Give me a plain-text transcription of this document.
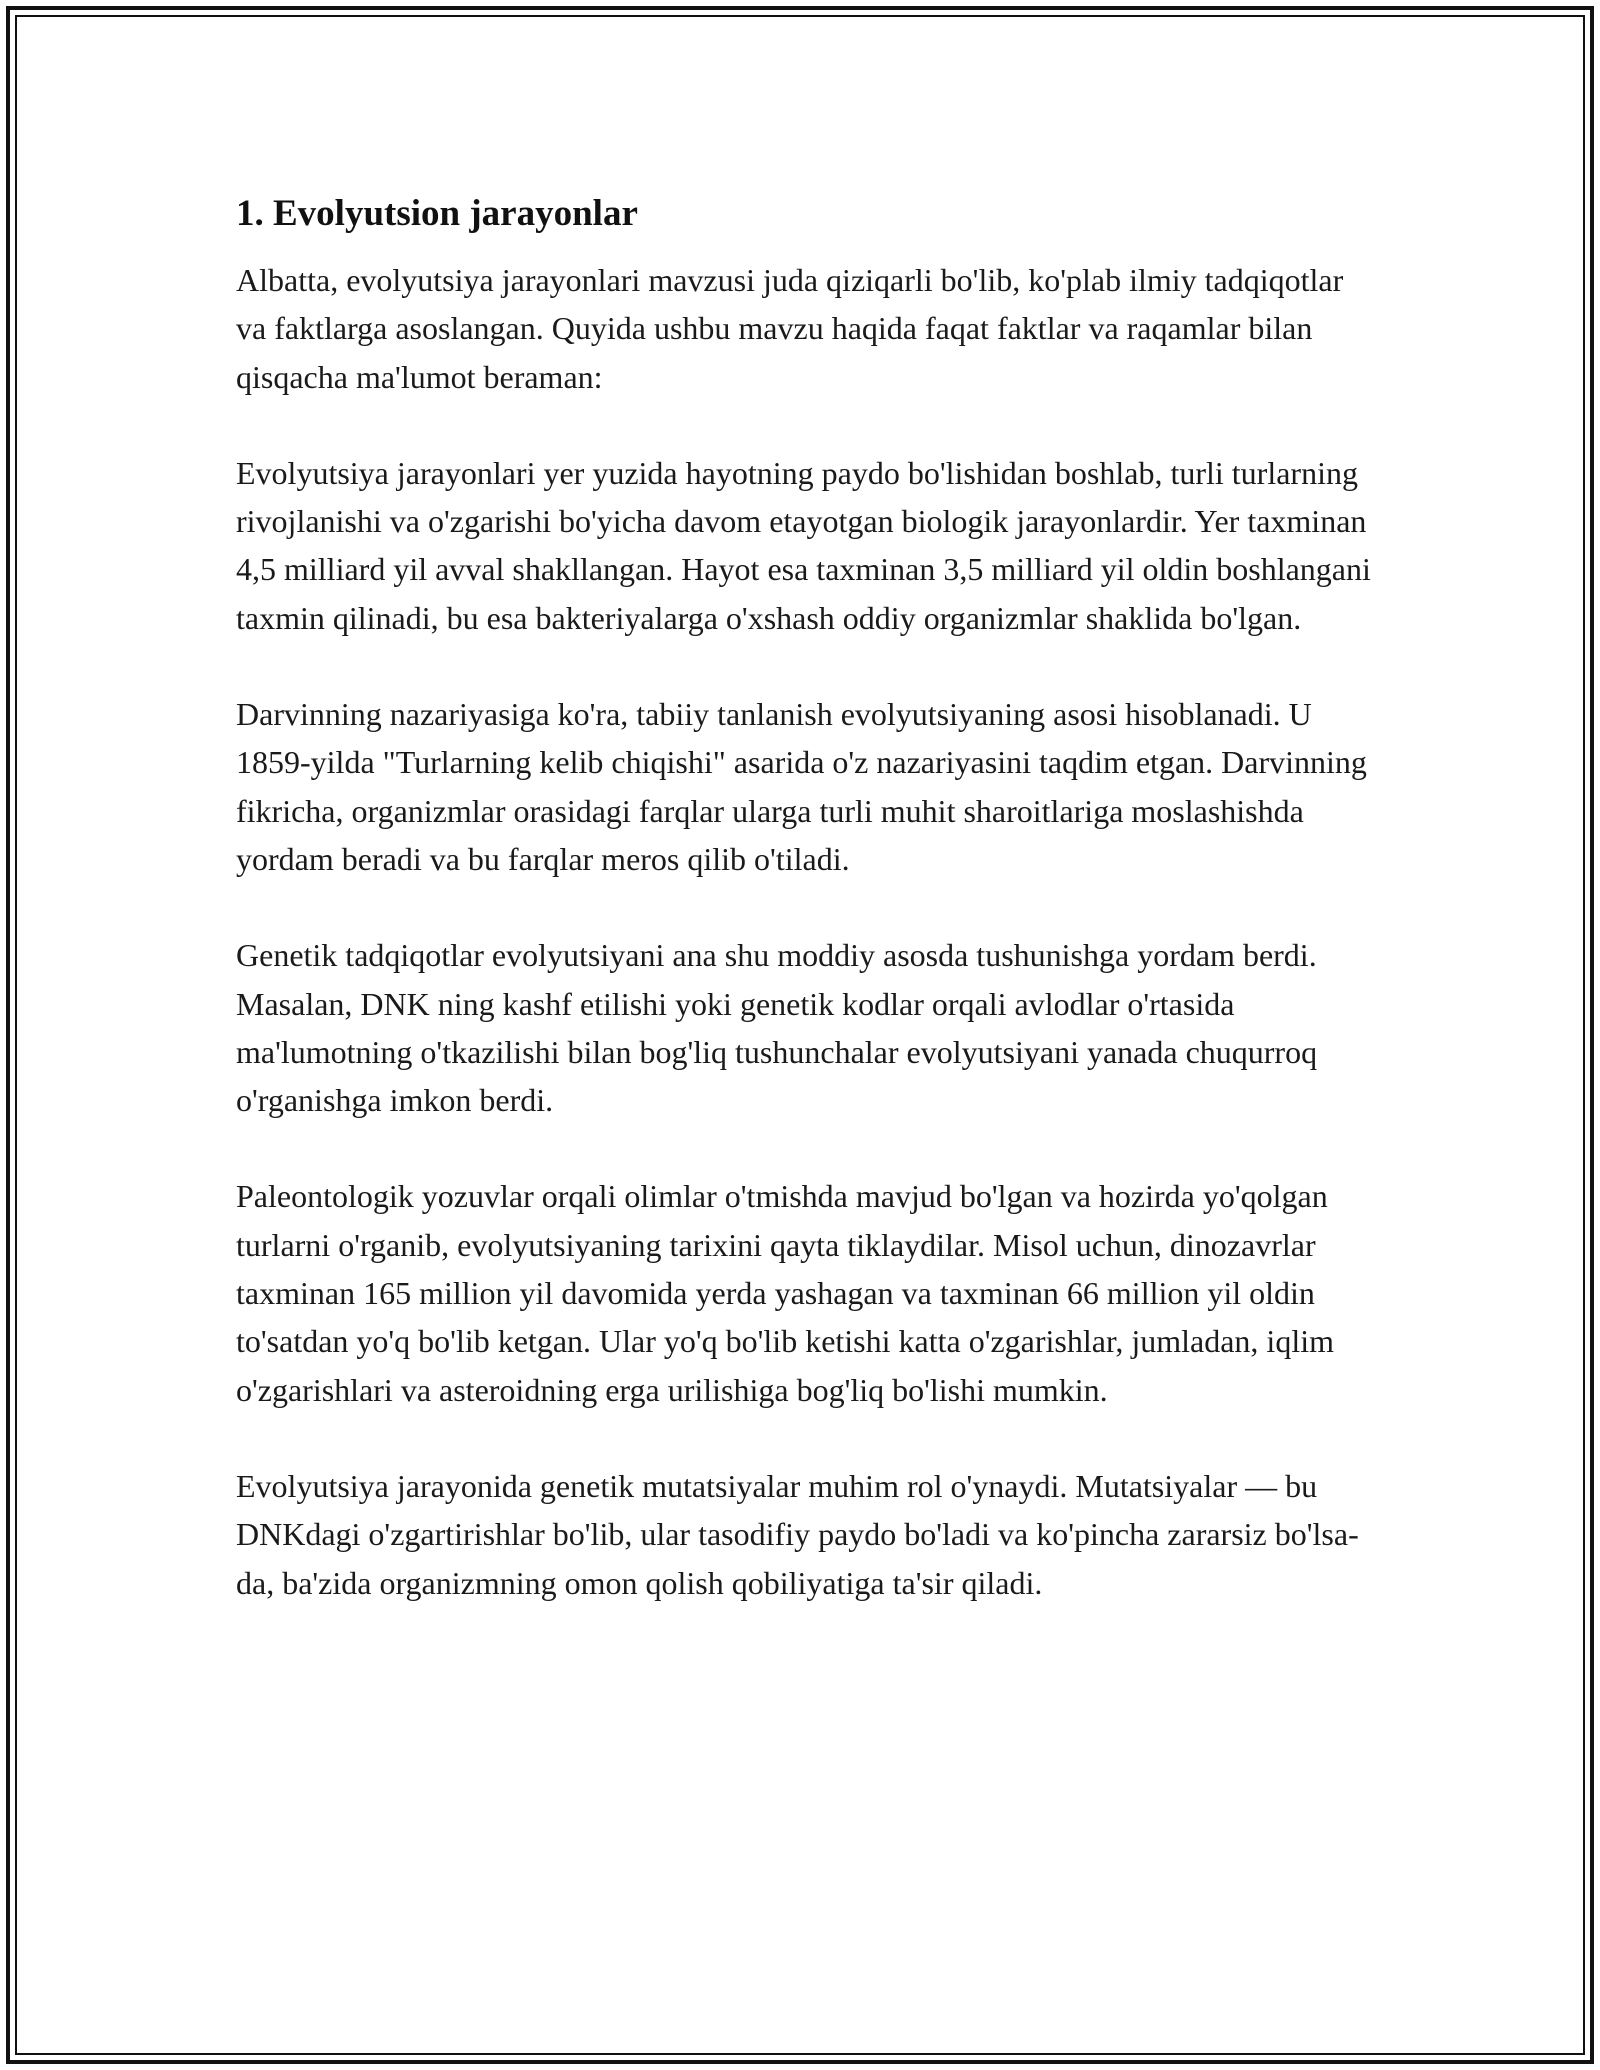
1. Evolyutsion jarayonlar

Albatta, evolyutsiya jarayonlari mavzusi juda qiziqarli bo'lib, ko'plab ilmiy tadqiqotlar va faktlarga asoslangan. Quyida ushbu mavzu haqida faqat faktlar va raqamlar bilan qisqacha ma'lumot beraman:

Evolyutsiya jarayonlari yer yuzida hayotning paydo bo'lishidan boshlab, turli turlarning rivojlanishi va o'zgarishi bo'yicha davom etayotgan biologik jarayonlardir. Yer taxminan 4,5 milliard yil avval shakllangan. Hayot esa taxminan 3,5 milliard yil oldin boshlangani taxmin qilinadi, bu esa bakteriyalarga o'xshash oddiy organizmlar shaklida bo'lgan.

Darvinning nazariyasiga ko'ra, tabiiy tanlanish evolyutsiyaning asosi hisoblanadi. U 1859-yilda "Turlarning kelib chiqishi" asarida o'z nazariyasini taqdim etgan. Darvinning fikricha, organizmlar orasidagi farqlar ularga turli muhit sharoitlariga moslashishda yordam beradi va bu farqlar meros qilib o'tiladi.

Genetik tadqiqotlar evolyutsiyani ana shu moddiy asosda tushunishga yordam berdi. Masalan, DNK ning kashf etilishi yoki genetik kodlar orqali avlodlar o'rtasida ma'lumotning o'tkazilishi bilan bog'liq tushunchalar evolyutsiyani yanada chuqurroq o'rganishga imkon berdi.

Paleontologik yozuvlar orqali olimlar o'tmishda mavjud bo'lgan va hozirda yo'qolgan turlarni o'rganib, evolyutsiyaning tarixini qayta tiklaydilar. Misol uchun, dinozavrlar taxminan 165 million yil davomida yerda yashagan va taxminan 66 million yil oldin to'satdan yo'q bo'lib ketgan. Ular yo'q bo'lib ketishi katta o'zgarishlar, jumladan, iqlim o'zgarishlari va asteroidning erga urilishiga bog'liq bo'lishi mumkin.

Evolyutsiya jarayonida genetik mutatsiyalar muhim rol o'ynaydi. Mutatsiyalar — bu DNKdagi o'zgartirishlar bo'lib, ular tasodifiy paydo bo'ladi va ko'pincha zararsiz bo'lsa-da, ba'zida organizmning omon qolish qobiliyatiga ta'sir qiladi.
